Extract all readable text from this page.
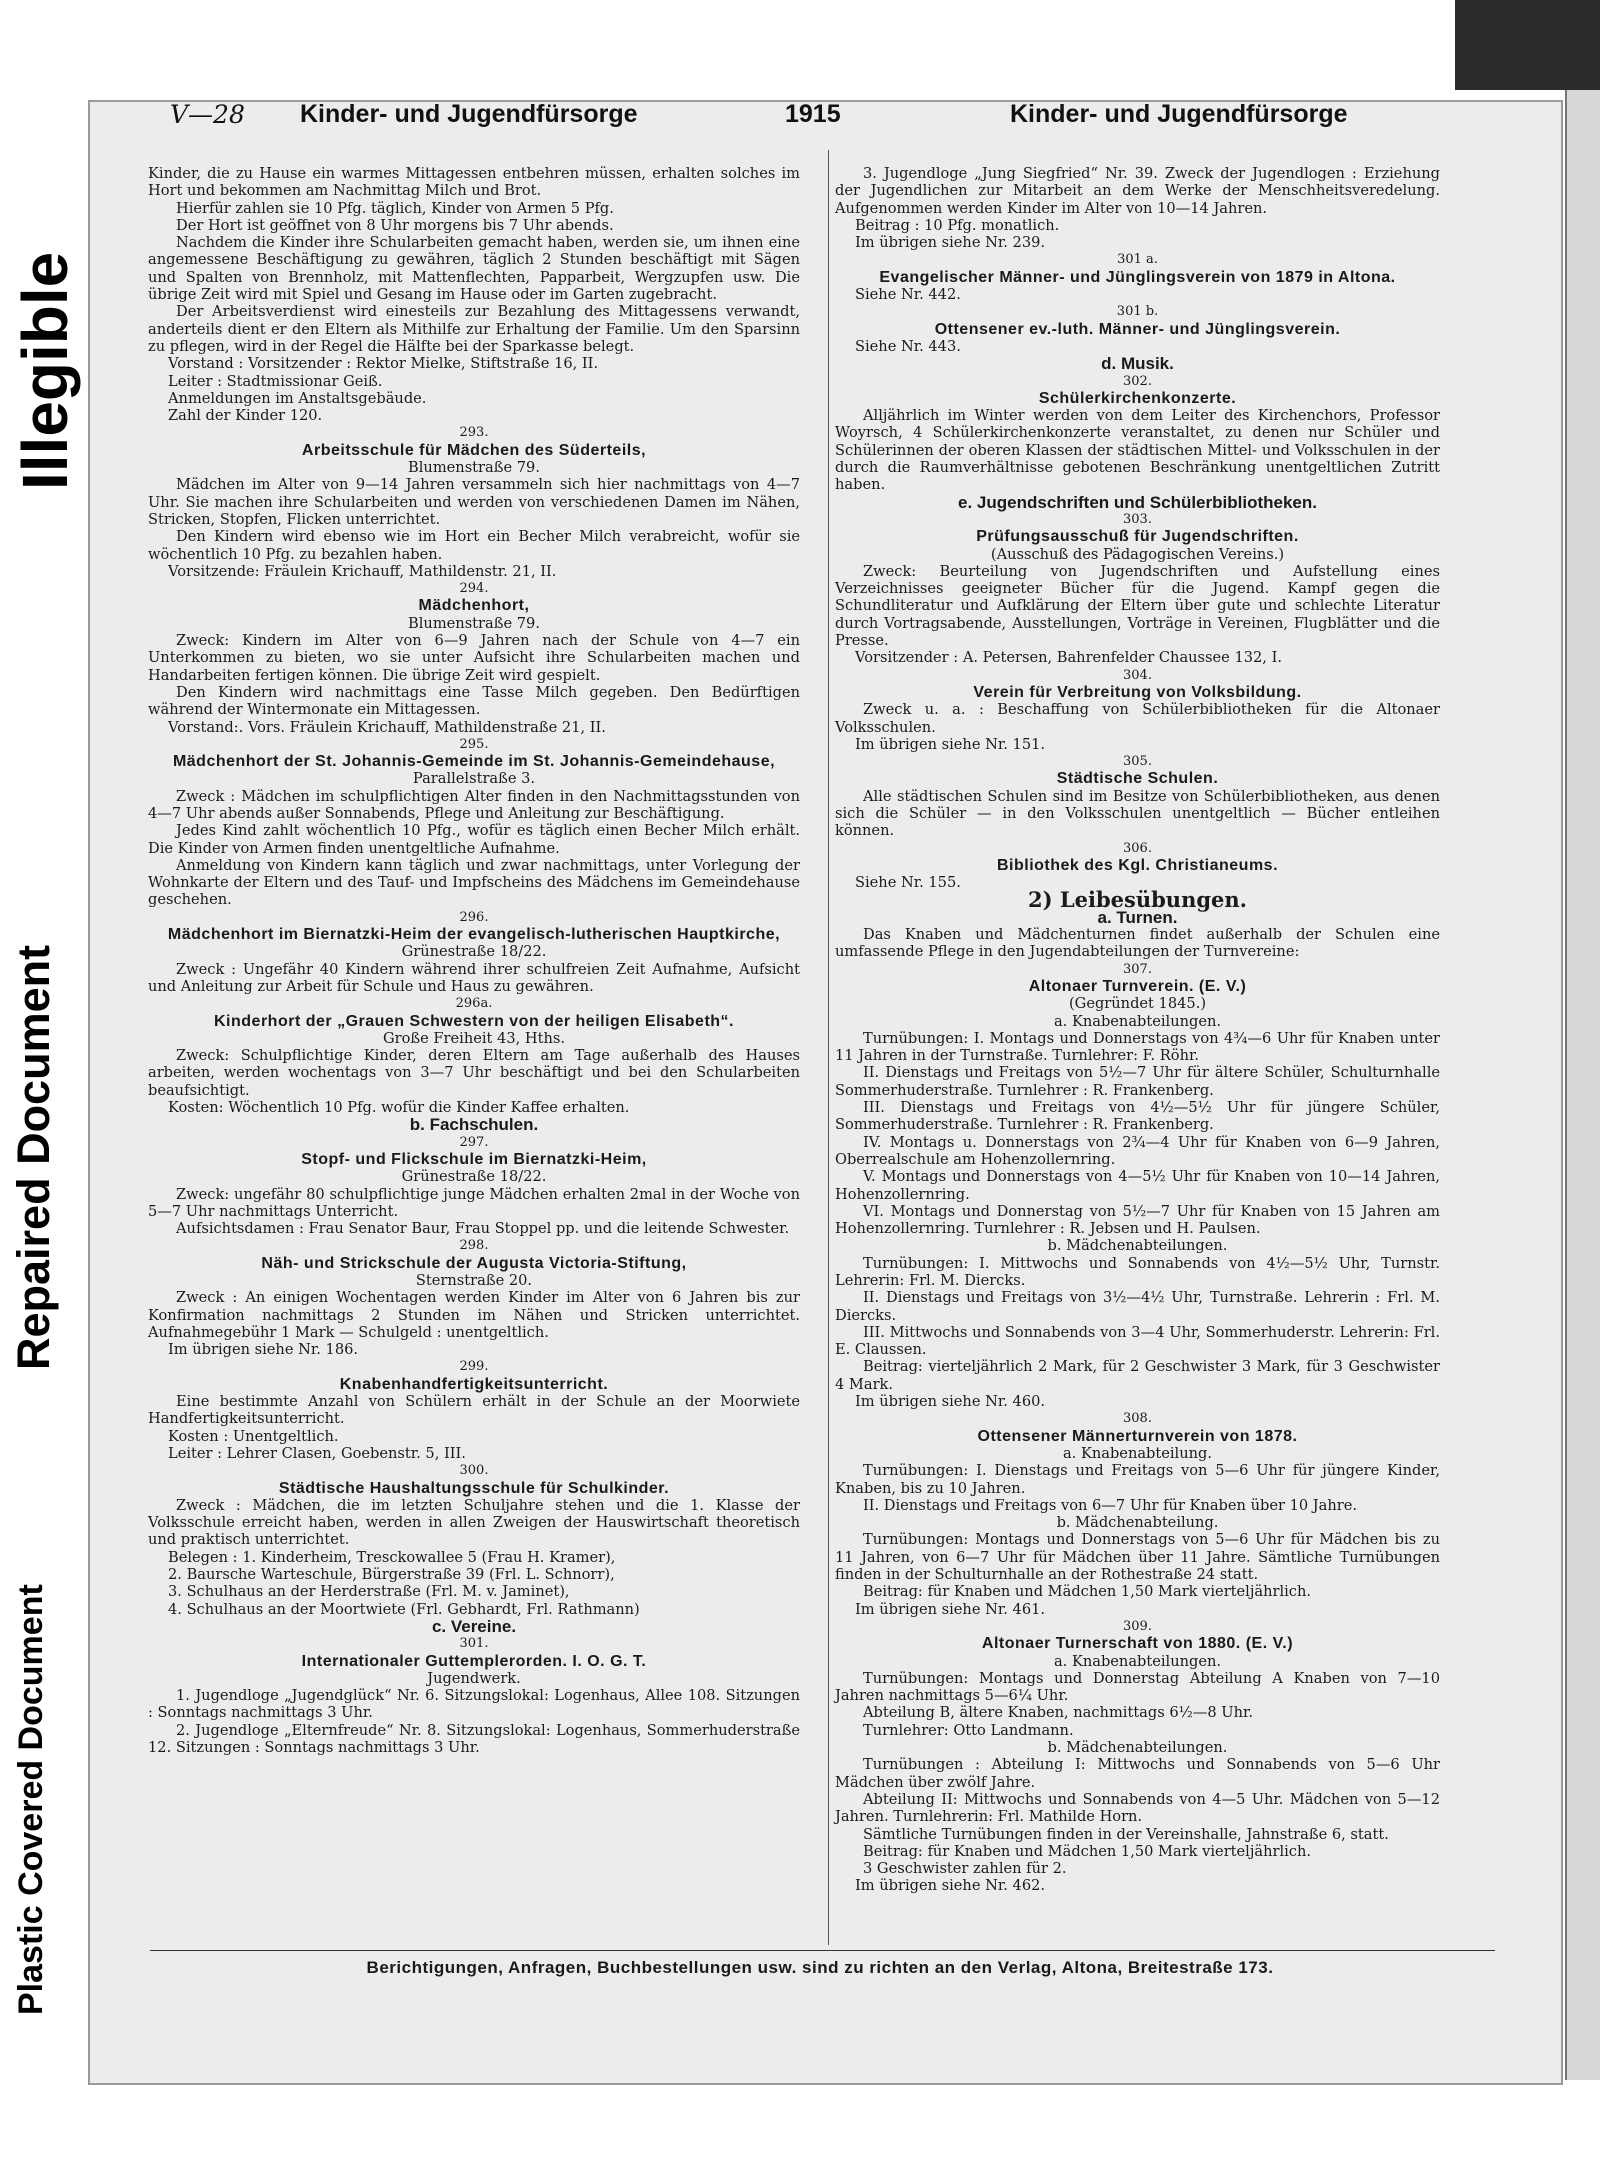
Illegible
Repaired Document
Plastic Covered Document
V—28 Kinder- und Jugendfürsorge	1915	Kinder- und Jugendfürsorge

Kinder, die zu Hause ein warmes Mittagessen entbehren müssen, erhalten solches im Hort und bekommen am Nachmittag Milch und Brot.

Hierfür zahlen sie 10 Pfg. täglich, Kinder von Armen 5 Pfg.

Der Hort ist geöffnet von 8 Uhr morgens bis 7 Uhr abends.

Nachdem die Kinder ihre Schularbeiten gemacht haben, werden sie, um ihnen eine angemessene Beschäftigung zu gewähren, täglich 2 Stunden beschäftigt mit Sägen und Spalten von Brennholz, mit Mattenflechten, Papparbeit, Wergzupfen usw. Die übrige Zeit wird mit Spiel und Gesang im Hause oder im Garten zugebracht.

Der Arbeitsverdienst wird einesteils zur Bezahlung des Mittagessens verwandt, anderteils dient er den Eltern als Mithilfe zur Erhaltung der Familie. Um den Sparsinn zu pflegen, wird in der Regel die Hälfte bei der Sparkasse belegt.

Vorstand : Vorsitzender : Rektor Mielke, Stiftstraße 16, II.

Leiter : Stadtmissionar Geiß.

Anmeldungen im Anstaltsgebäude.

Zahl der Kinder 120.

293.

Arbeitsschule für Mädchen des Süderteils,

Blumenstraße 79.

Mädchen im Alter von 9—14 Jahren versammeln sich hier nachmittags von 4—7 Uhr. Sie machen ihre Schularbeiten und werden von verschiedenen Damen im Nähen, Stricken, Stopfen, Flicken unterrichtet.

Den Kindern wird ebenso wie im Hort ein Becher Milch verabreicht, wofür sie wöchentlich 10 Pfg. zu bezahlen haben.

Vorsitzende: Fräulein Krichauff, Mathildenstr. 21, II.

294.

Mädchenhort,

Blumenstraße 79.

Zweck: Kindern im Alter von 6—9 Jahren nach der Schule von 4—7 ein Unterkommen zu bieten, wo sie unter Aufsicht ihre Schularbeiten machen und Handarbeiten fertigen können. Die übrige Zeit wird gespielt.

Den Kindern wird nachmittags eine Tasse Milch gegeben. Den Bedürftigen während der Wintermonate ein Mittagessen.

Vorstand:. Vors. Fräulein Krichauff, Mathildenstraße 21, II.

295.

Mädchenhort der St. Johannis-Gemeinde im St. Johannis-Gemeindehause,

Parallelstraße 3.

Zweck : Mädchen im schulpflichtigen Alter finden in den Nachmittagsstunden von 4—7 Uhr abends außer Sonnabends, Pflege und Anleitung zur Beschäftigung.

Jedes Kind zahlt wöchentlich 10 Pfg., wofür es täglich einen Becher Milch erhält. Die Kinder von Armen finden unentgeltliche Aufnahme.

Anmeldung von Kindern kann täglich und zwar nachmittags, unter Vorlegung der Wohnkarte der Eltern und des Tauf- und Impfscheins des Mädchens im Gemeindehause geschehen.

296.

Mädchenhort im Biernatzki-Heim der evangelisch-lutherischen Hauptkirche,

Grünestraße 18/22.

Zweck : Ungefähr 40 Kindern während ihrer schulfreien Zeit Aufnahme, Aufsicht und Anleitung zur Arbeit für Schule und Haus zu gewähren.

296a.

Kinderhort der „Grauen Schwestern von der heiligen Elisabeth“.

Große Freiheit 43, Hths.

Zweck: Schulpflichtige Kinder, deren Eltern am Tage außerhalb des Hauses arbeiten, werden wochentags von 3—7 Uhr beschäftigt und bei den Schularbeiten beaufsichtigt.

Kosten: Wöchentlich 10 Pfg. wofür die Kinder Kaffee erhalten.

b. Fachschulen.

297.

Stopf- und Flickschule im Biernatzki-Heim,

Grünestraße 18/22.

Zweck: ungefähr 80 schulpflichtige junge Mädchen erhalten 2mal in der Woche von 5—7 Uhr nachmittags Unterricht.

Aufsichtsdamen : Frau Senator Baur, Frau Stoppel pp. und die leitende Schwester.

298.

Näh- und Strickschule der Augusta Victoria-Stiftung,

Sternstraße 20.

Zweck : An einigen Wochentagen werden Kinder im Alter von 6 Jahren bis zur Konfirmation nachmittags 2 Stunden im Nähen und Stricken unterrichtet. Aufnahmegebühr 1 Mark — Schulgeld : unentgeltlich.

Im übrigen siehe Nr. 186.

299.

Knabenhandfertigkeitsunterricht.

Eine bestimmte Anzahl von Schülern erhält in der Schule an der Moorwiete Handfertigkeitsunterricht.

Kosten : Unentgeltlich.

Leiter : Lehrer Clasen, Goebenstr. 5, III.

300.

Städtische Haushaltungsschule für Schulkinder.

Zweck : Mädchen, die im letzten Schuljahre stehen und die 1. Klasse der Volksschule erreicht haben, werden in allen Zweigen der Hauswirtschaft theoretisch und praktisch unterrichtet.

Belegen : 1. Kinderheim, Tresckowallee 5 (Frau H. Kramer),

2. Baursche Warteschule, Bürgerstraße 39 (Frl. L. Schnorr),

3. Schulhaus an der Herderstraße (Frl. M. v. Jaminet),

4. Schulhaus an der Moortwiete (Frl. Gebhardt, Frl. Rathmann)

c. Vereine.

301.

Internationaler Guttemplerorden. I. O. G. T.

Jugendwerk.

1. Jugendloge „Jugendglück“ Nr. 6. Sitzungslokal: Logenhaus, Allee 108. Sitzungen : Sonntags nachmittags 3 Uhr.

2. Jugendloge „Elternfreude“ Nr. 8. Sitzungslokal: Logenhaus, Sommerhuderstraße 12. Sitzungen : Sonntags nachmittags 3 Uhr.

3. Jugendloge „Jung Siegfried“ Nr. 39. Zweck der Jugendlogen : Erziehung der Jugendlichen zur Mitarbeit an dem Werke der Menschheitsveredelung. Aufgenommen werden Kinder im Alter von 10—14 Jahren.

Beitrag : 10 Pfg. monatlich.

Im übrigen siehe Nr. 239.

301 a.

Evangelischer Männer- und Jünglingsverein von 1879 in Altona.

Siehe Nr. 442.

301 b.

Ottensener ev.-luth. Männer- und Jünglingsverein.

Siehe Nr. 443.

d. Musik.

302.

Schülerkirchenkonzerte.

Alljährlich im Winter werden von dem Leiter des Kirchenchors, Professor Woyrsch, 4 Schülerkirchenkonzerte veranstaltet, zu denen nur Schüler und Schülerinnen der oberen Klassen der städtischen Mittel- und Volksschulen in der durch die Raumverhältnisse gebotenen Beschränkung unentgeltlichen Zutritt haben.

e. Jugendschriften und Schülerbibliotheken.

303.

Prüfungsausschuß für Jugendschriften.

(Ausschuß des Pädagogischen Vereins.)

Zweck: Beurteilung von Jugendschriften und Aufstellung eines Verzeichnisses geeigneter Bücher für die Jugend. Kampf gegen die Schundliteratur und Aufklärung der Eltern über gute und schlechte Literatur durch Vortragsabende, Ausstellungen, Vorträge in Vereinen, Flugblätter und die Presse.

Vorsitzender : A. Petersen, Bahrenfelder Chaussee 132, I.

304.

Verein für Verbreitung von Volksbildung.

Zweck u. a. : Beschaffung von Schülerbibliotheken für die Altonaer Volksschulen.

Im übrigen siehe Nr. 151.

305.

Städtische Schulen.

Alle städtischen Schulen sind im Besitze von Schülerbibliotheken, aus denen sich die Schüler — in den Volksschulen unentgeltlich — Bücher entleihen können.

306.

Bibliothek des Kgl. Christianeums.

Siehe Nr. 155.

2) Leibesübungen.

a. Turnen.

Das Knaben und Mädchenturnen findet außerhalb der Schulen eine umfassende Pflege in den Jugendabteilungen der Turnvereine:

307.

Altonaer Turnverein. (E. V.)

(Gegründet 1845.)

a. Knabenabteilungen.

Turnübungen: I. Montags und Donnerstags von 4¾—6 Uhr für Knaben unter 11 Jahren in der Turnstraße. Turnlehrer: F. Röhr.

II. Dienstags und Freitags von 5½—7 Uhr für ältere Schüler, Schulturnhalle Sommerhuderstraße. Turnlehrer : R. Frankenberg.

III. Dienstags und Freitags von 4½—5½ Uhr für jüngere Schüler, Sommerhuderstraße. Turnlehrer : R. Frankenberg.

IV. Montags u. Donnerstags von 2¾—4 Uhr für Knaben von 6—9 Jahren, Oberrealschule am Hohenzollernring.

V. Montags und Donnerstags von 4—5½ Uhr für Knaben von 10—14 Jahren, Hohenzollernring.

VI. Montags und Donnerstag von 5½—7 Uhr für Knaben von 15 Jahren am Hohenzollernring. Turnlehrer : R. Jebsen und H. Paulsen.

b. Mädchenabteilungen.

Turnübungen: I. Mittwochs und Sonnabends von 4½—5½ Uhr, Turnstr. Lehrerin: Frl. M. Diercks.

II. Dienstags und Freitags von 3½—4½ Uhr, Turnstraße. Lehrerin : Frl. M. Diercks.

III. Mittwochs und Sonnabends von 3—4 Uhr, Sommerhuderstr. Lehrerin: Frl. E. Claussen.

Beitrag: vierteljährlich 2 Mark, für 2 Geschwister 3 Mark, für 3 Geschwister 4 Mark.

Im übrigen siehe Nr. 460.

308.

Ottensener Männerturnverein von 1878.

a. Knabenabteilung.

Turnübungen: I. Dienstags und Freitags von 5—6 Uhr für jüngere Kinder, Knaben, bis zu 10 Jahren.

II. Dienstags und Freitags von 6—7 Uhr für Knaben über 10 Jahre.

b. Mädchenabteilung.

Turnübungen: Montags und Donnerstags von 5—6 Uhr für Mädchen bis zu 11 Jahren, von 6—7 Uhr für Mädchen über 11 Jahre. Sämtliche Turnübungen finden in der Schulturnhalle an der Rothestraße 24 statt.

Beitrag: für Knaben und Mädchen 1,50 Mark vierteljährlich.

Im übrigen siehe Nr. 461.

309.

Altonaer Turnerschaft von 1880. (E. V.)

a. Knabenabteilungen.

Turnübungen: Montags und Donnerstag Abteilung A Knaben von 7—10 Jahren nachmittags 5—6¼ Uhr.

Abteilung B, ältere Knaben, nachmittags 6½—8 Uhr.

Turnlehrer: Otto Landmann.

b. Mädchenabteilungen.

Turnübungen : Abteilung I: Mittwochs und Sonnabends von 5—6 Uhr Mädchen über zwölf Jahre.

Abteilung II: Mittwochs und Sonnabends von 4—5 Uhr. Mädchen von 5—12 Jahren. Turnlehrerin: Frl. Mathilde Horn.

Sämtliche Turnübungen finden in der Vereinshalle, Jahnstraße 6, statt.

Beitrag: für Knaben und Mädchen 1,50 Mark vierteljährlich.

3 Geschwister zahlen für 2.

Im übrigen siehe Nr. 462.

Berichtigungen, Anfragen, Buchbestellungen usw. sind zu richten an den Verlag, Altona, Breitestraße 173.
